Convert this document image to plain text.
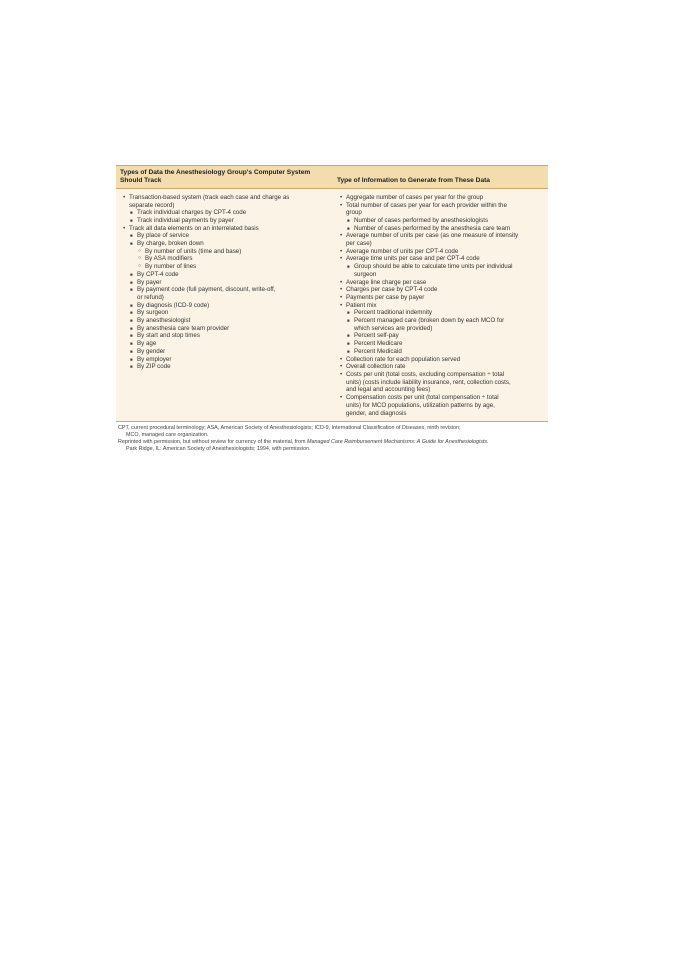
Types of Data the Anesthesiology Group's Computer System
Should Track	Type of Information to Generate from These Data
• Transaction-based system (track each case and charge as
separate record)
■ Track individual charges by CPT-4 code
■ Track individual payments by payer
• Track all data elements on an interrelated basis
■ By place of service
■ By charge, broken down
○ By number of units (time and base)
○ By ASA modifiers
○ By number of lines
■ By CPT-4 code
■ By payer
■ By payment code (full payment, discount, write-off,
or refund)
■ By diagnosis (ICD-9 code)
■ By surgeon
■ By anesthesiologist
■ By anesthesia care team provider
■ By start and stop times
■ By age
■ By gender
■ By employer
■ By ZIP code
• Aggregate number of cases per year for the group
• Total number of cases per year for each provider within the
group
■ Number of cases performed by anesthesiologists
■ Number of cases performed by the anesthesia care team
• Average number of units per case (as one measure of intensity
per case)
• Average number of units per CPT-4 code
• Average time units per case and per CPT-4 code
■ Group should be able to calculate time units per individual
surgeon
• Average line charge per case
• Charges per case by CPT-4 code
• Payments per case by payer
• Patient mix
■ Percent traditional indemnity
■ Percent managed care (broken down by each MCO for
which services are provided)
■ Percent self-pay
■ Percent Medicare
■ Percent Medicaid
• Collection rate for each population served
• Overall collection rate
• Costs per unit (total costs, excluding compensation ÷ total
units) (costs include liability insurance, rent, collection costs,
and legal and accounting fees)
• Compensation costs per unit (total compensation ÷ total
units) for MCO populations, utilization patterns by age,
gender, and diagnosis
CPT, current procedural terminology; ASA, American Society of Anesthesiologists; ICD-9, International Classification of Diseases, ninth revision;
MCO, managed care organization.
Reprinted with permission, but without review for currency of the material, from Managed Care Reimbursement Mechanisms: A Guide for Anesthesiologists.
Park Ridge, IL: American Society of Anesthesiologists; 1994, with permission.
